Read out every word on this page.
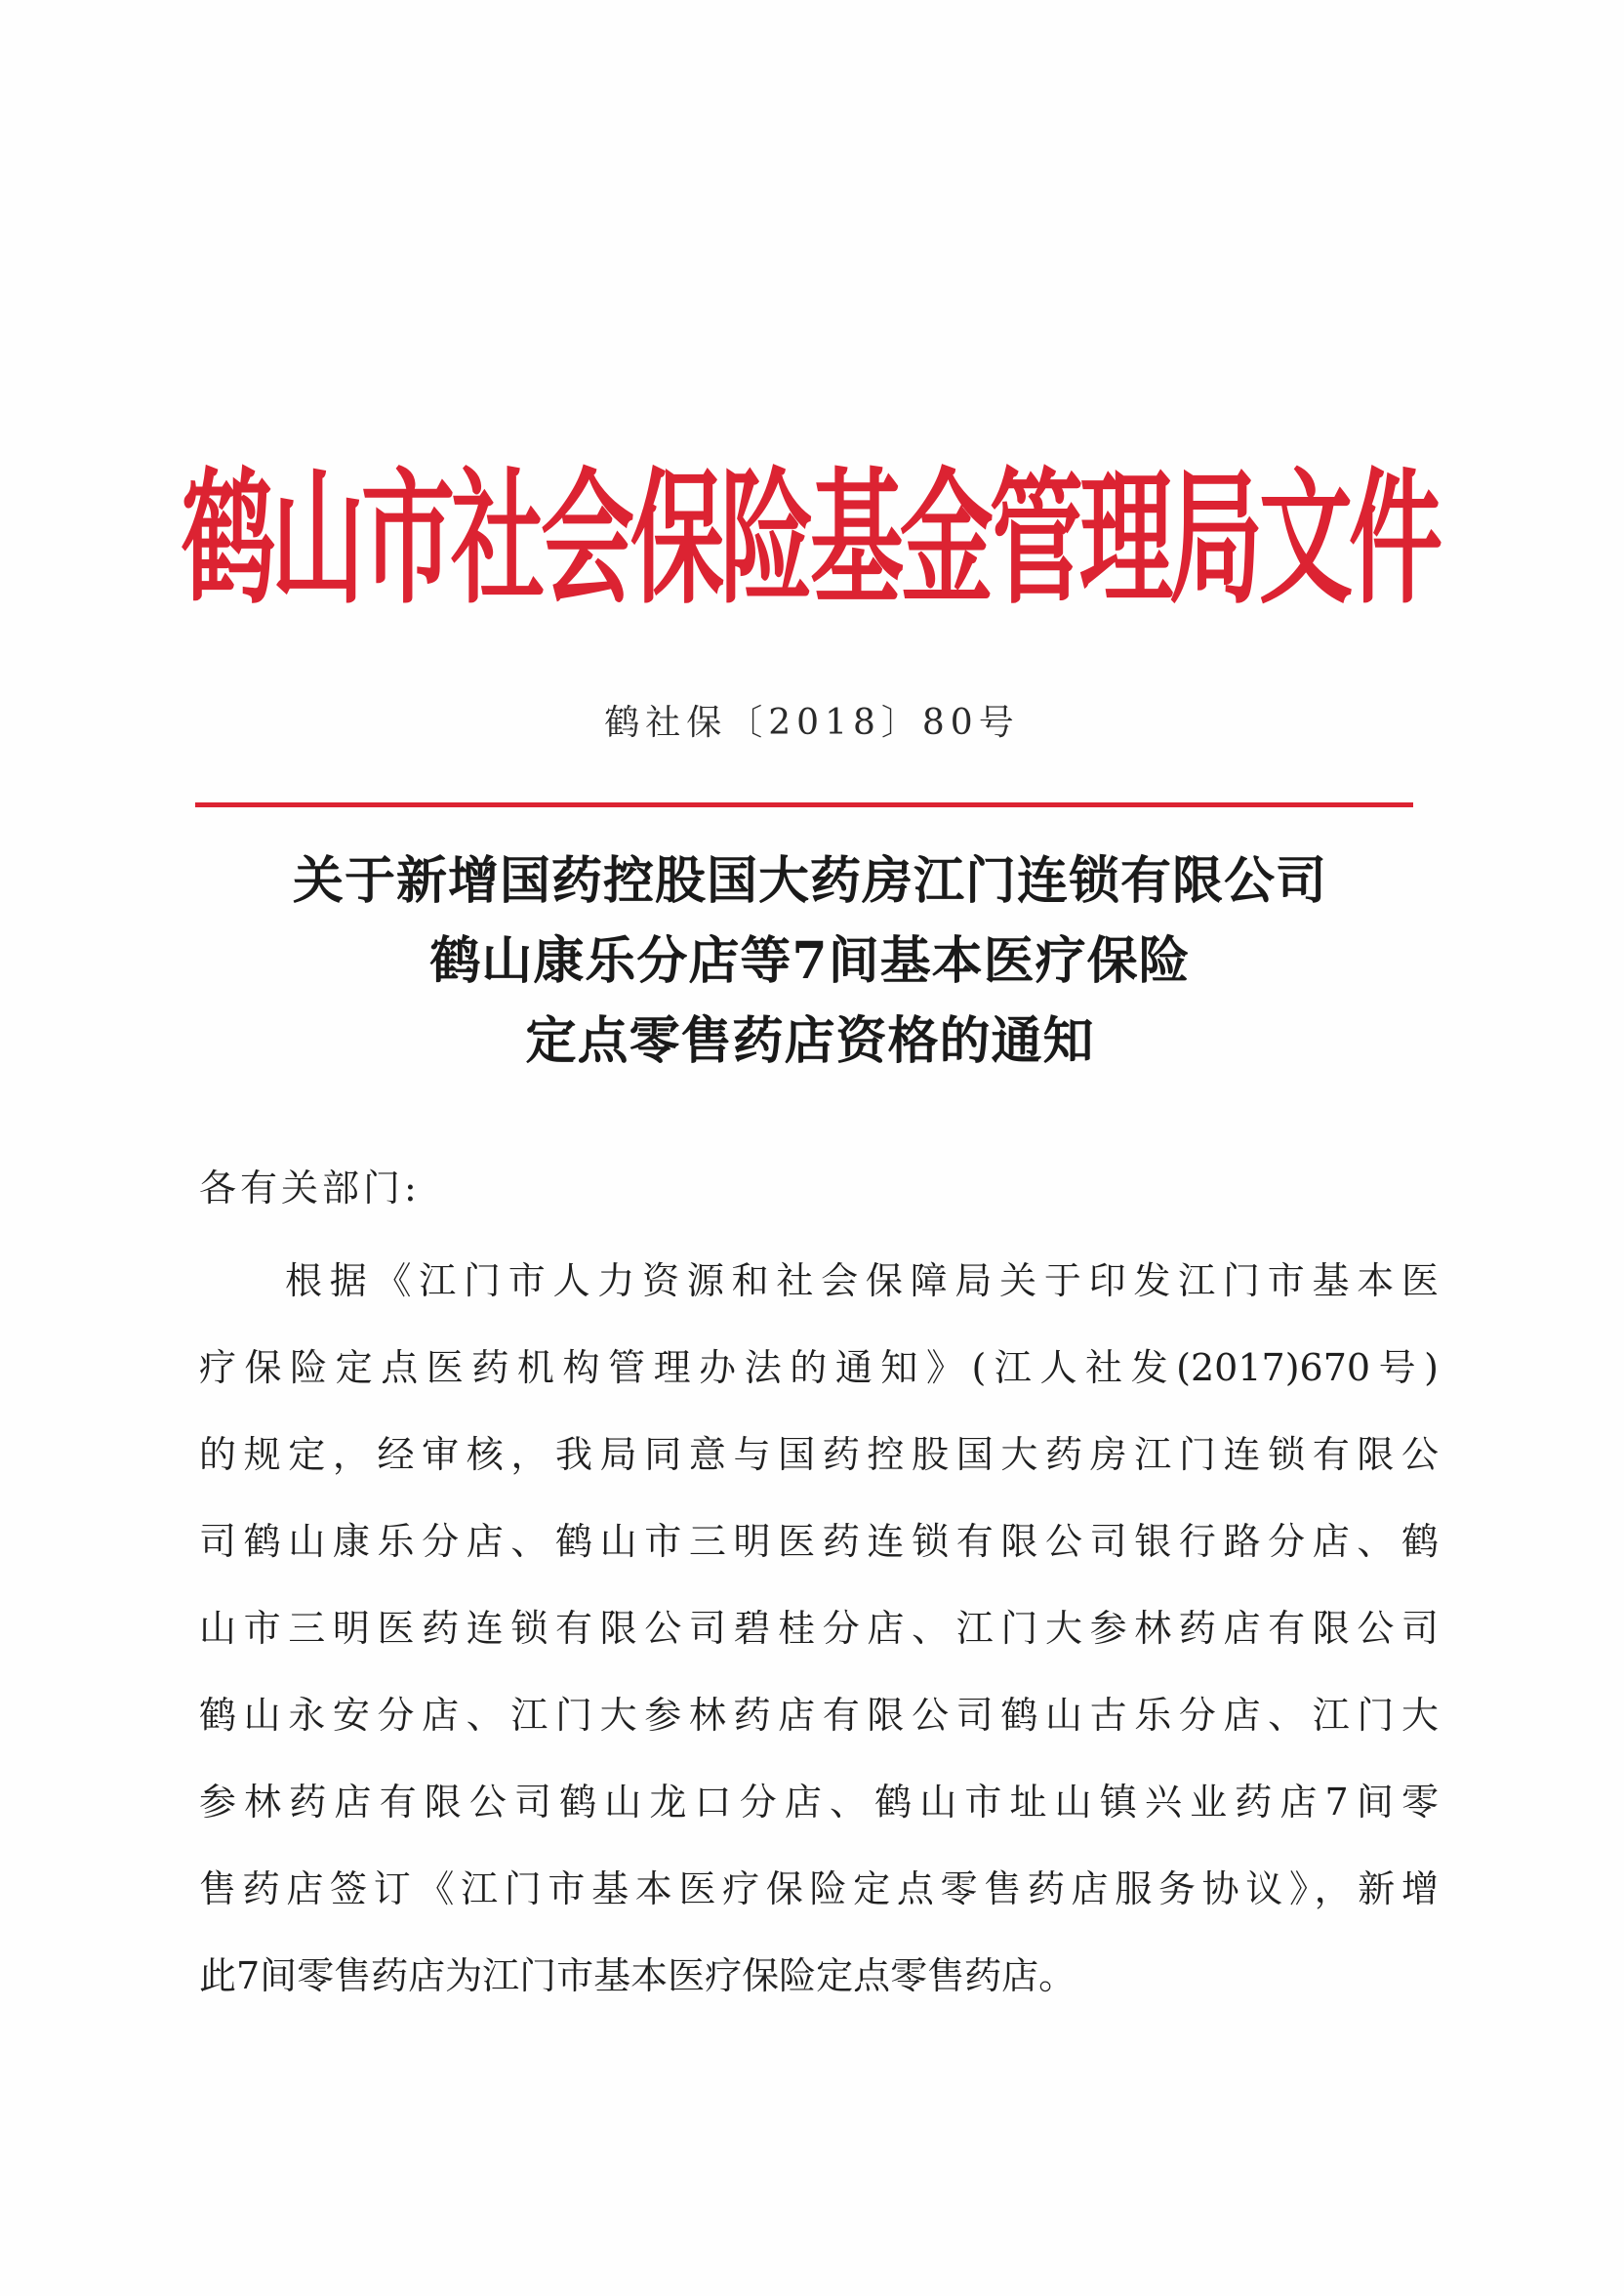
鹤山市社会保险基金管理局文件
鹤社保〔2018〕80号
关于新增国药控股国大药房江门连锁有限公司
鹤山康乐分店等7间基本医疗保险
定点零售药店资格的通知
各有关部门:
根据《江门市人力资源和社会保障局关于印发江门市基本医
疗保险定点医药机构管理办法的通知》(江人社发(2017)670号)
的规定，经审核，我局同意与国药控股国大药房江门连锁有限公
司鹤山康乐分店、鹤山市三明医药连锁有限公司银行路分店、鹤
山市三明医药连锁有限公司碧桂分店、江门大参林药店有限公司
鹤山永安分店、江门大参林药店有限公司鹤山古乐分店、江门大
参林药店有限公司鹤山龙口分店、鹤山市址山镇兴业药店7间零
售药店签订《江门市基本医疗保险定点零售药店服务协议》，新增
此7间零售药店为江门市基本医疗保险定点零售药店。
